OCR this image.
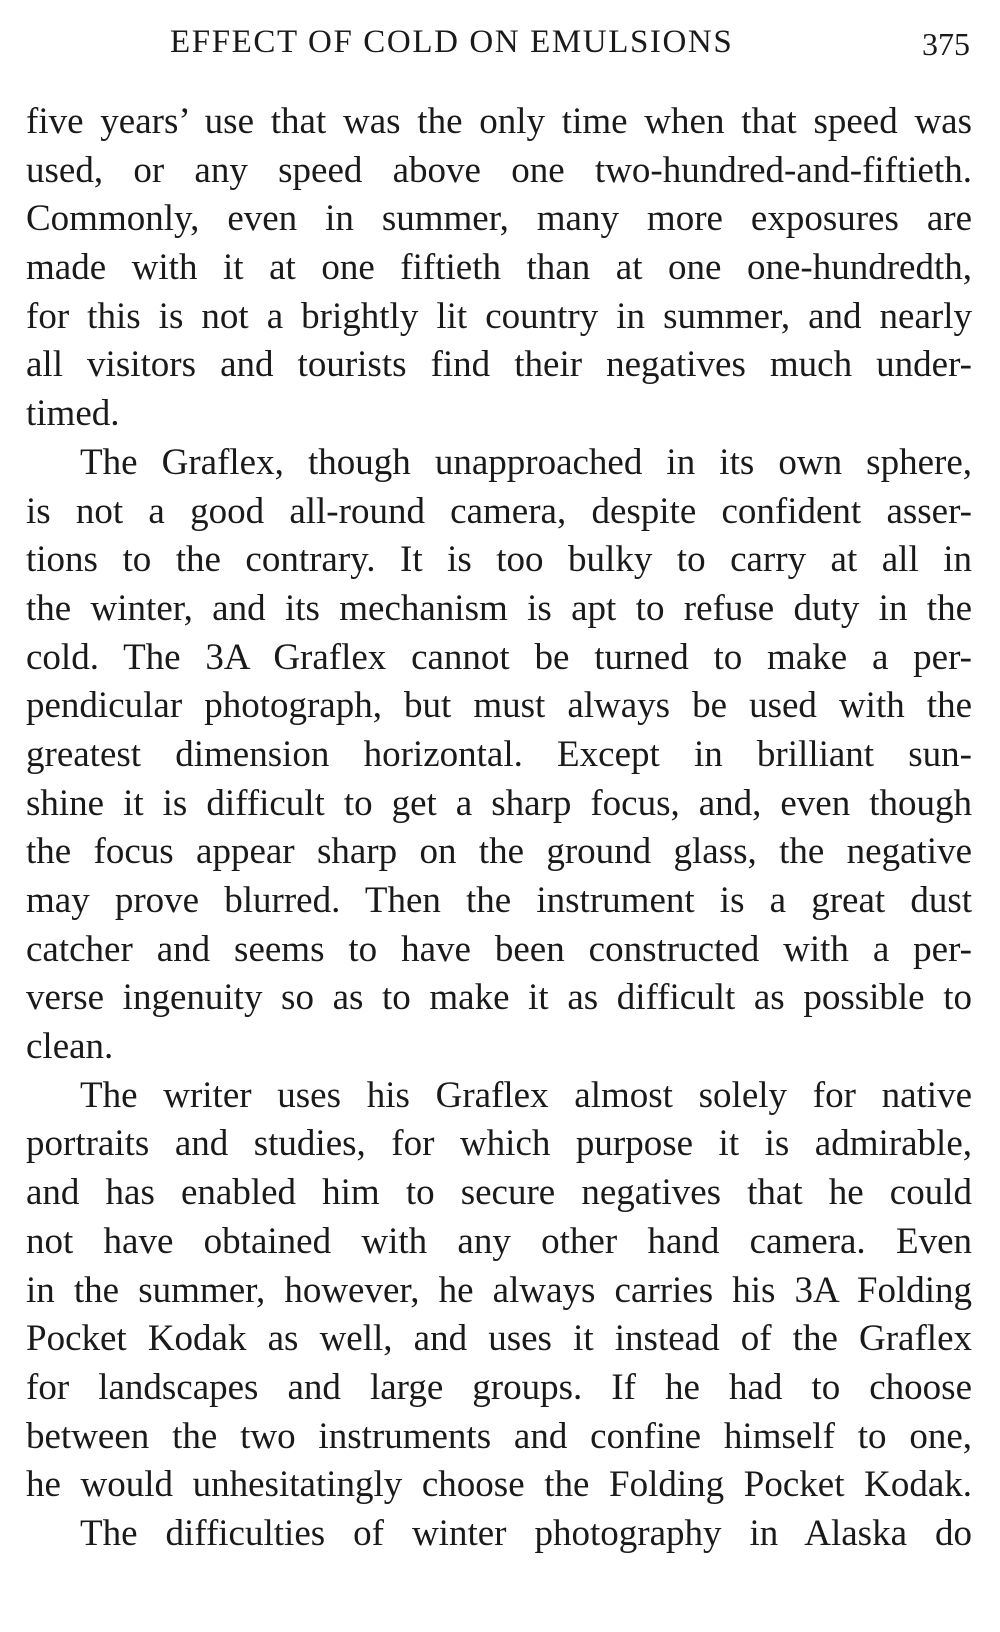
EFFECT OF COLD ON EMULSIONS	375
five years’ use that was the only time when that speed was
used, or any speed above one two-hundred-and-fiftieth.
Commonly, even in summer, many more exposures are
made with it at one fiftieth than at one one-hundredth,
for this is not a brightly lit country in summer, and nearly
all visitors and tourists find their negatives much under-
timed.
The Graflex, though unapproached in its own sphere,
is not a good all-round camera, despite confident asser-
tions to the contrary. It is too bulky to carry at all in
the winter, and its mechanism is apt to refuse duty in the
cold. The 3A Graflex cannot be turned to make a per-
pendicular photograph, but must always be used with the
greatest dimension horizontal. Except in brilliant sun-
shine it is difficult to get a sharp focus, and, even though
the focus appear sharp on the ground glass, the negative
may prove blurred. Then the instrument is a great dust
catcher and seems to have been constructed with a per-
verse ingenuity so as to make it as difficult as possible to
clean.
The writer uses his Graflex almost solely for native
portraits and studies, for which purpose it is admirable,
and has enabled him to secure negatives that he could
not have obtained with any other hand camera. Even
in the summer, however, he always carries his 3A Folding
Pocket Kodak as well, and uses it instead of the Graflex
for landscapes and large groups. If he had to choose
between the two instruments and confine himself to one,
he would unhesitatingly choose the Folding Pocket Kodak.
The difficulties of winter photography in Alaska do
